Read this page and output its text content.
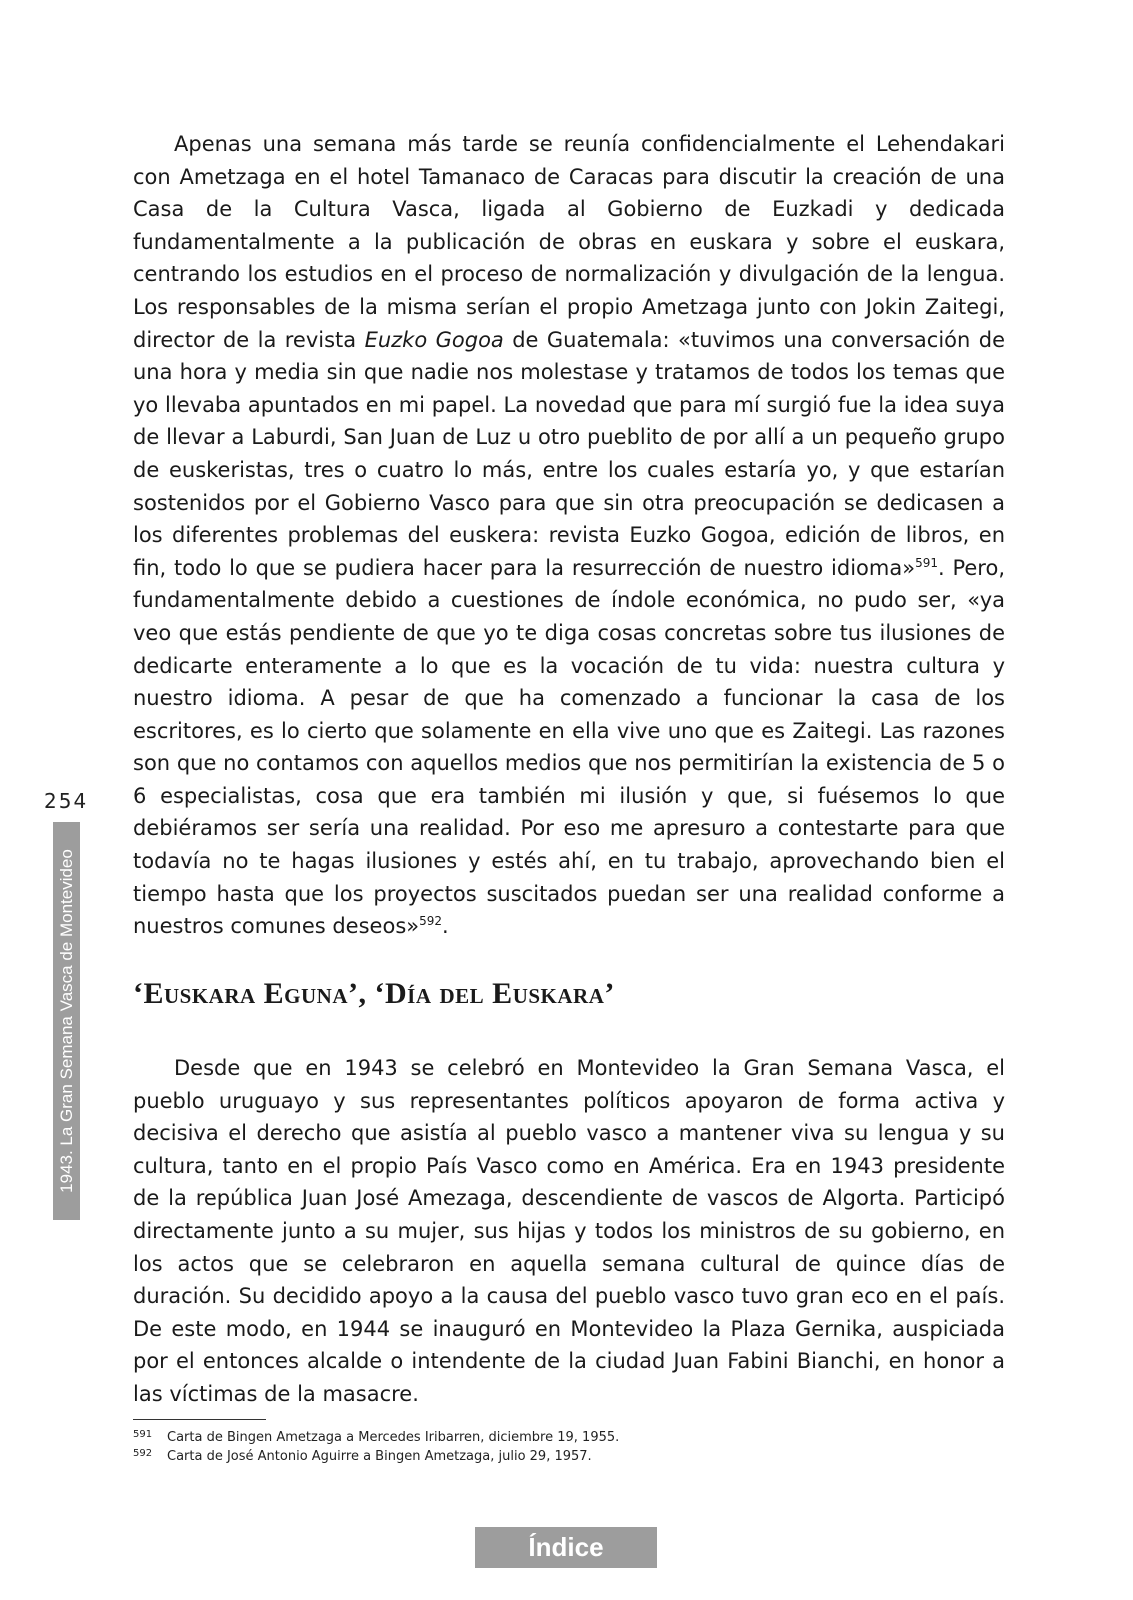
Apenas una semana más tarde se reunía confidencialmente el Lehendakari con Ametzaga en el hotel Tamanaco de Caracas para discutir la creación de una Casa de la Cultura Vasca, ligada al Gobierno de Euzkadi y dedicada fundamentalmente a la publicación de obras en euskara y sobre el euskara, centrando los estudios en el proceso de normalización y divulgación de la lengua. Los responsables de la misma serían el propio Ametzaga junto con Jokin Zaitegi, director de la revista Euzko Gogoa de Guatemala: «tuvimos una conversación de una hora y media sin que nadie nos molestase y tratamos de todos los temas que yo llevaba apuntados en mi papel. La novedad que para mí surgió fue la idea suya de llevar a Laburdi, San Juan de Luz u otro pueblito de por allí a un pequeño grupo de euskeristas, tres o cuatro lo más, entre los cuales estaría yo, y que estarían sostenidos por el Gobierno Vasco para que sin otra preocupación se dedicasen a los diferentes problemas del euskera: revista Euzko Gogoa, edición de libros, en fin, todo lo que se pudiera hacer para la resurrección de nuestro idioma»$^{591}$. Pero, fundamentalmente debido a cuestiones de índole económica, no pudo ser, «ya veo que estás pendiente de que yo te diga cosas concretas sobre tus ilusiones de dedicarte enteramente a lo que es la vocación de tu vida: nuestra cultura y nuestro idioma. A pesar de que ha comenzado a funcionar la casa de los escritores, es lo cierto que solamente en ella vive uno que es Zaitegi. Las razones son que no contamos con aquellos medios que nos permitirían la existencia de 5 o 6 especialistas, cosa que era también mi ilusión y que, si fuésemos lo que debiéramos ser sería una realidad. Por eso me apresuro a contestarte para que todavía no te hagas ilusiones y estés ahí, en tu trabajo, aprovechando bien el tiempo hasta que los proyectos suscitados puedan ser una realidad conforme a nuestros comunes deseos»$^{592}$.

‘Euskara Eguna’, ‘Día del Euskara’

Desde que en 1943 se celebró en Montevideo la Gran Semana Vasca, el pueblo uruguayo y sus representantes políticos apoyaron de forma activa y decisiva el derecho que asistía al pueblo vasco a mantener viva su lengua y su cultura, tanto en el propio País Vasco como en América. Era en 1943 presidente de la república Juan José Amezaga, descendiente de vascos de Algorta. Participó directamente junto a su mujer, sus hijas y todos los ministros de su gobierno, en los actos que se celebraron en aquella semana cultural de quince días de duración. Su decidido apoyo a la causa del pueblo vasco tuvo gran eco en el país. De este modo, en 1944 se inauguró en Montevideo la Plaza Gernika, auspiciada por el entonces alcalde o intendente de la ciudad Juan Fabini Bianchi, en honor a las víctimas de la masacre.

254
1943. La Gran Semana Vasca de Montevideo
591	Carta de Bingen Ametzaga a Mercedes Iribarren, diciembre 19, 1955.
592	Carta de José Antonio Aguirre a Bingen Ametzaga, julio 29, 1957.
Índice
